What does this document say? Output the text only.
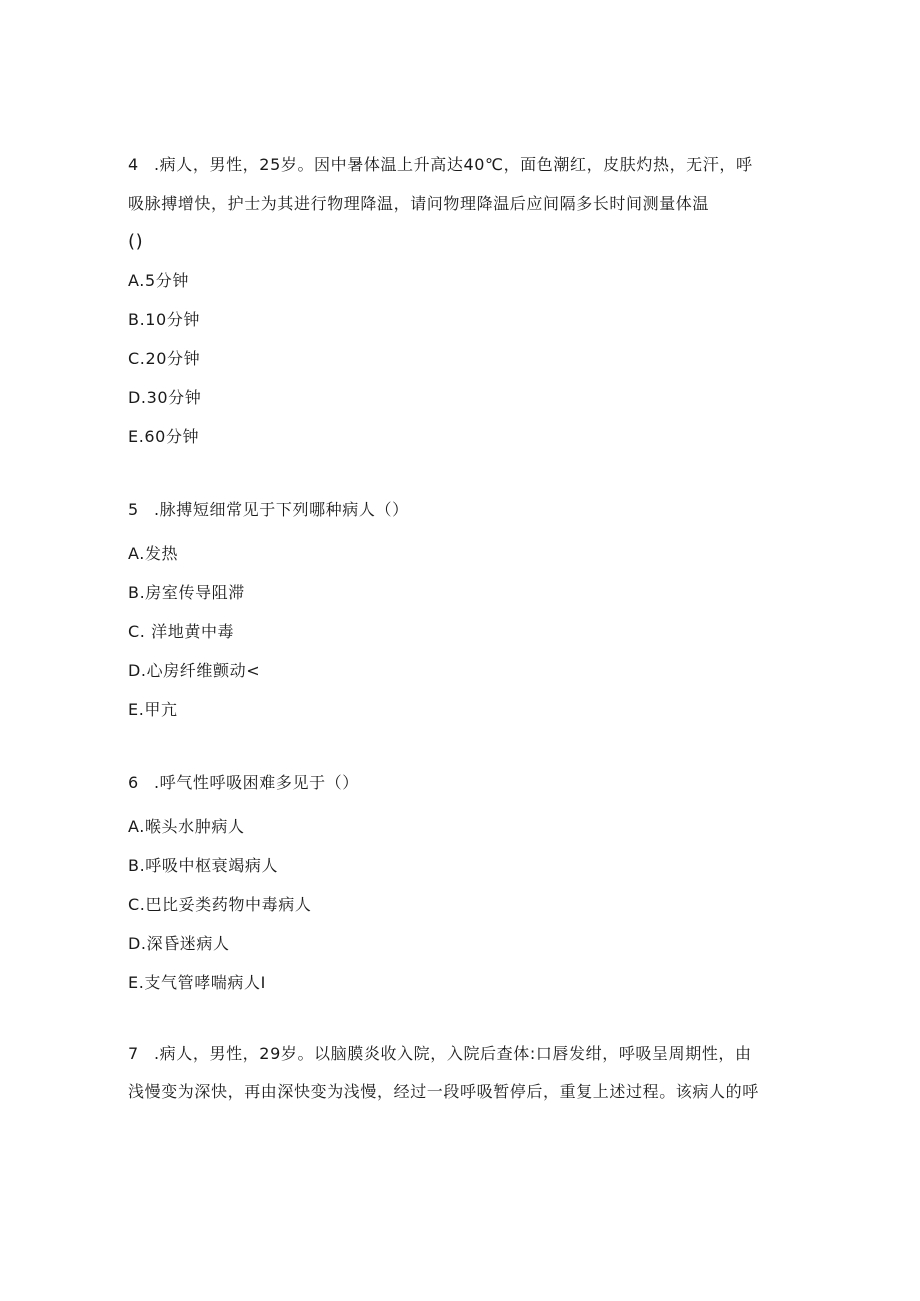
4 .病人，男性，25岁。因中暑体温上升高达40℃，面色潮红，皮肤灼热，无汗，呼
吸脉搏增快，护士为其进行物理降温，请问物理降温后应间隔多长时间测量体温
()
A.5分钟
B.10分钟
C.20分钟
D.30分钟
E.60分钟
5 .脉搏短细常见于下列哪种病人（）
A.发热
B.房室传导阻滞
C. 洋地黄中毒
D.心房纤维颤动<
E.甲亢
6 .呼气性呼吸困难多见于（）
A.喉头水肿病人
B.呼吸中枢衰竭病人
C.巴比妥类药物中毒病人
D.深昏迷病人
E.支气管哮喘病人I
7 .病人，男性，29岁。以脑膜炎收入院，入院后查体:口唇发绀，呼吸呈周期性，由
浅慢变为深快，再由深快变为浅慢，经过一段呼吸暂停后，重复上述过程。该病人的呼
